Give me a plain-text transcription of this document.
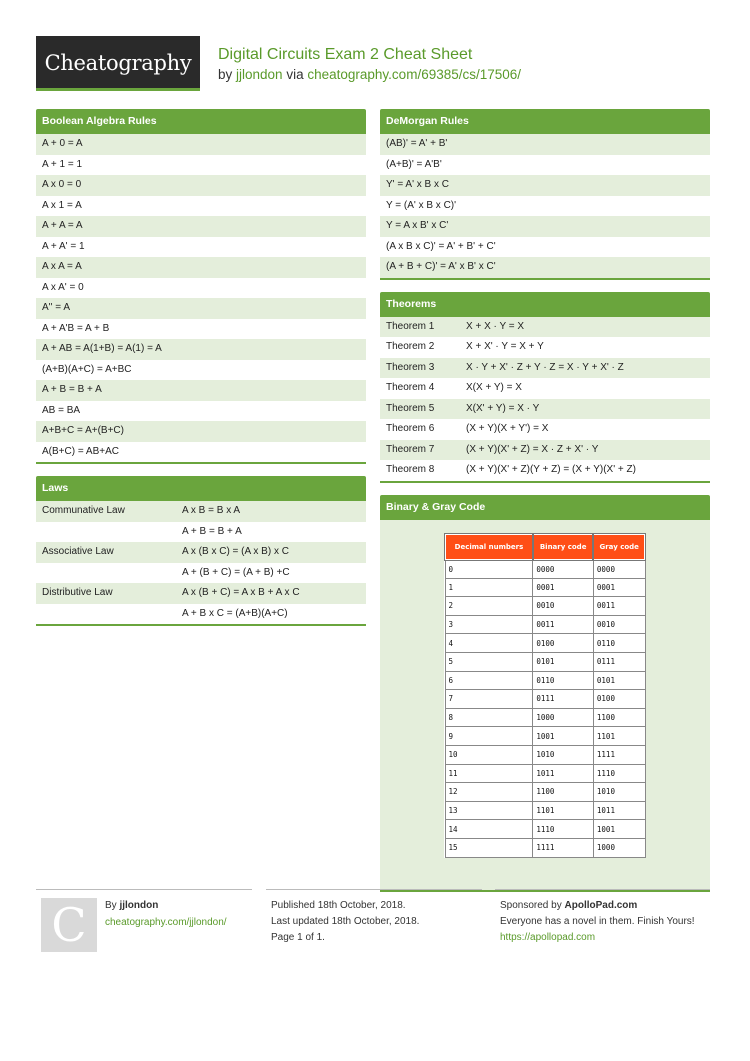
Cheatography Digital Circuits Exam 2 Cheat Sheet
by jjlondon via cheatography.com/69385/cs/17506/
Boolean Algebra Rules
A + 0 = A
A + 1 = 1
A x 0 = 0
A x 1 = A
A + A = A
A + A' = 1
A x A = A
A x A' = 0
A'' = A
A + A'B = A + B
A + AB = A(1+B) = A(1) = A
(A+B)(A+C) = A+BC
A + B = B + A
AB = BA
A+B+C = A+(B+C)
A(B+C) = AB+AC
Laws
Communative Law	A x B = B x A
A + B = B + A
Associative Law	A x (B x C) = (A x B) x C
A + (B + C) = (A + B) +C
Distributive Law	A x (B + C) = A x B + A x C
A + B x C = (A+B)(A+C)
DeMorgan Rules
(AB)' = A' + B'
(A+B)' = A'B'
Y' = A' x B x C
Y = (A' x B x C)'
Y = A x B' x C'
(A x B x C)' = A' + B' + C'
(A + B + C)' = A' x B' x C'
Theorems
Theorem 1	X + X · Y = X
Theorem 2	X + X' · Y = X + Y
Theorem 3	X · Y + X' · Z + Y · Z = X · Y + X' · Z
Theorem 4	X(X + Y) = X
Theorem 5	X(X' + Y) = X · Y
Theorem 6	(X + Y)(X + Y') = X
Theorem 7	(X + Y)(X' + Z) = X · Z + X' · Y
Theorem 8	(X + Y)(X' + Z)(Y + Z) = (X + Y)(X' + Z)
Binary & Gray Code
Decimal numbers	Binary code	Gray code
0	0000	0000
1	0001	0001
2	0010	0011
3	0011	0010
4	0100	0110
5	0101	0111
6	0110	0101
7	0111	0100
8	1000	1100
9	1001	1101
10	1010	1111
11	1011	1110
12	1100	1010
13	1101	1011
14	1110	1001
15	1111	1000
C By jjlondon
cheatography.com/jjlondon/
Published 18th October, 2018.
Last updated 18th October, 2018.
Page 1 of 1.
Sponsored by ApolloPad.com
Everyone has a novel in them. Finish Yours!
https://apollopad.com
